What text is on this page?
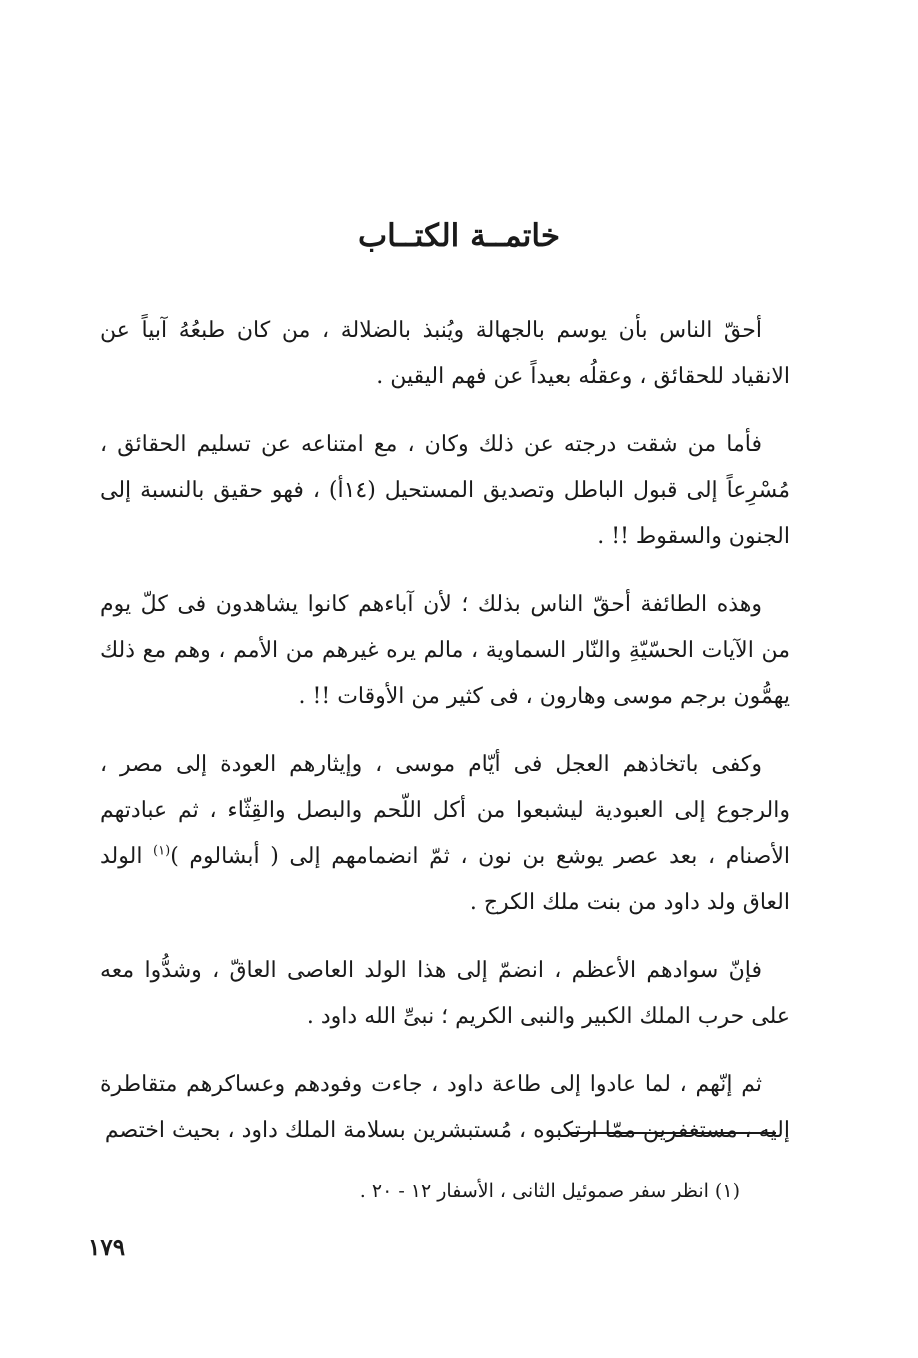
خاتمــة الكتــاب

أحقّ الناس بأن يوسم بالجهالة ويُنبذ بالضلالة ، من كان طبعُهُ آبياً عن الانقياد للحقائق ، وعقلُه بعيداً عن فهم اليقين .

فأما من شقت درجته عن ذلك وكان ، مع امتناعه عن تسليم الحقائق ، مُسْرِعاً إلى قبول الباطل وتصديق المستحيل (١٤أ) ، فهو حقيق بالنسبة إلى الجنون والسقوط !! .

وهذه الطائفة أحقّ الناس بذلك ؛ لأن آباءهم كانوا يشاهدون فى كلّ يوم من الآيات الحسّيّةِ والنّار السماوية ، مالم يره غيرهم من الأمم ، وهم مع ذلك يهمُّون برجم موسى وهارون ، فى كثير من الأوقات !! .

وكفى باتخاذهم العجل فى أيّام موسى ، وإيثارهم العودة إلى مصر ، والرجوع إلى العبودية ليشبعوا من أكل اللّحم والبصل والقِثّاء ، ثم عبادتهم الأصنام ، بعد عصر يوشع بن نون ، ثمّ انضمامهم إلى ( أبشالوم )$^{(١)}$ الولد العاق ولد داود من بنت ملك الكرج .

فإنّ سوادهم الأعظم ، انضمّ إلى هذا الولد العاصى العاقّ ، وشدُّوا معه على حرب الملك الكبير والنبى الكريم ؛ نبىِّ الله داود .

ثم إنّهم ، لما عادوا إلى طاعة داود ، جاءت وفودهم وعساكرهم متقاطرة إليه ، مستغفرين ممّا ارتكبوه ، مُستبشرين بسلامة الملك داود ، بحيث اختصم

(١) انظر سفر صموئيل الثانى ، الأسفار ١٢ - ٢٠ .
١٧٩
